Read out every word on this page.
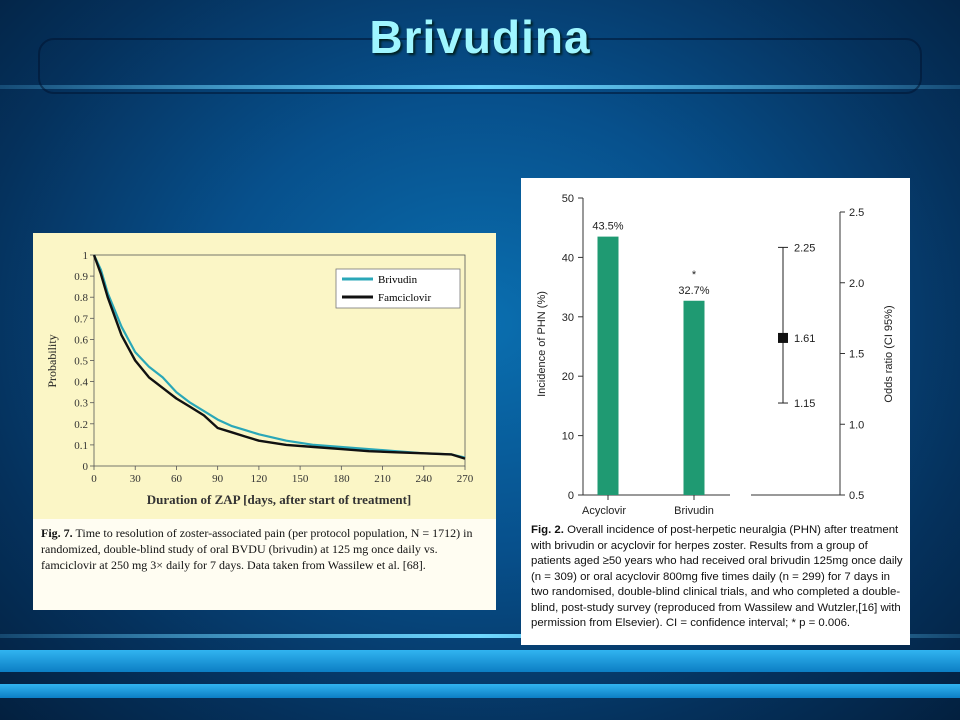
Brivudina
0
0.1
0.2
0.3
0.4
0.5
0.6
0.7
0.8
0.9
1
0	30	60	90 120 150 180 210 240 270
Probability
Duration of ZAP [days, after start of treatment]
Brivudin
Famciclovir
Fig. 7. Time to resolution of zoster-associated pain (per protocol population, N = 1712) in randomized, double-blind study of oral BVDU (brivudin) at 125 mg once daily vs. famciclovir at 250 mg 3× daily for 7 days. Data taken from Wassilew et al. [68].
0
10
20
30
40
50
43.5%
Acyclovir
32.7%
Brivudin
*
0.5
1.0
1.5
2.0
2.5
2.25
1.61
1.15
Incidence of PHN (%)	Odds ratio (CI 95%)
Fig. 2. Overall incidence of post-herpetic neuralgia (PHN) after treatment with brivudin or acyclovir for herpes zoster. Results from a group of patients aged ≥50 years who had received oral brivudin 125mg once daily (n = 309) or oral acyclovir 800mg five times daily (n = 299) for 7 days in two randomised, double-blind clinical trials, and who completed a double-blind, post-study survey (reproduced from Wassilew and Wutzler,[16] with permission from Elsevier). CI = confidence interval; * p = 0.006.
